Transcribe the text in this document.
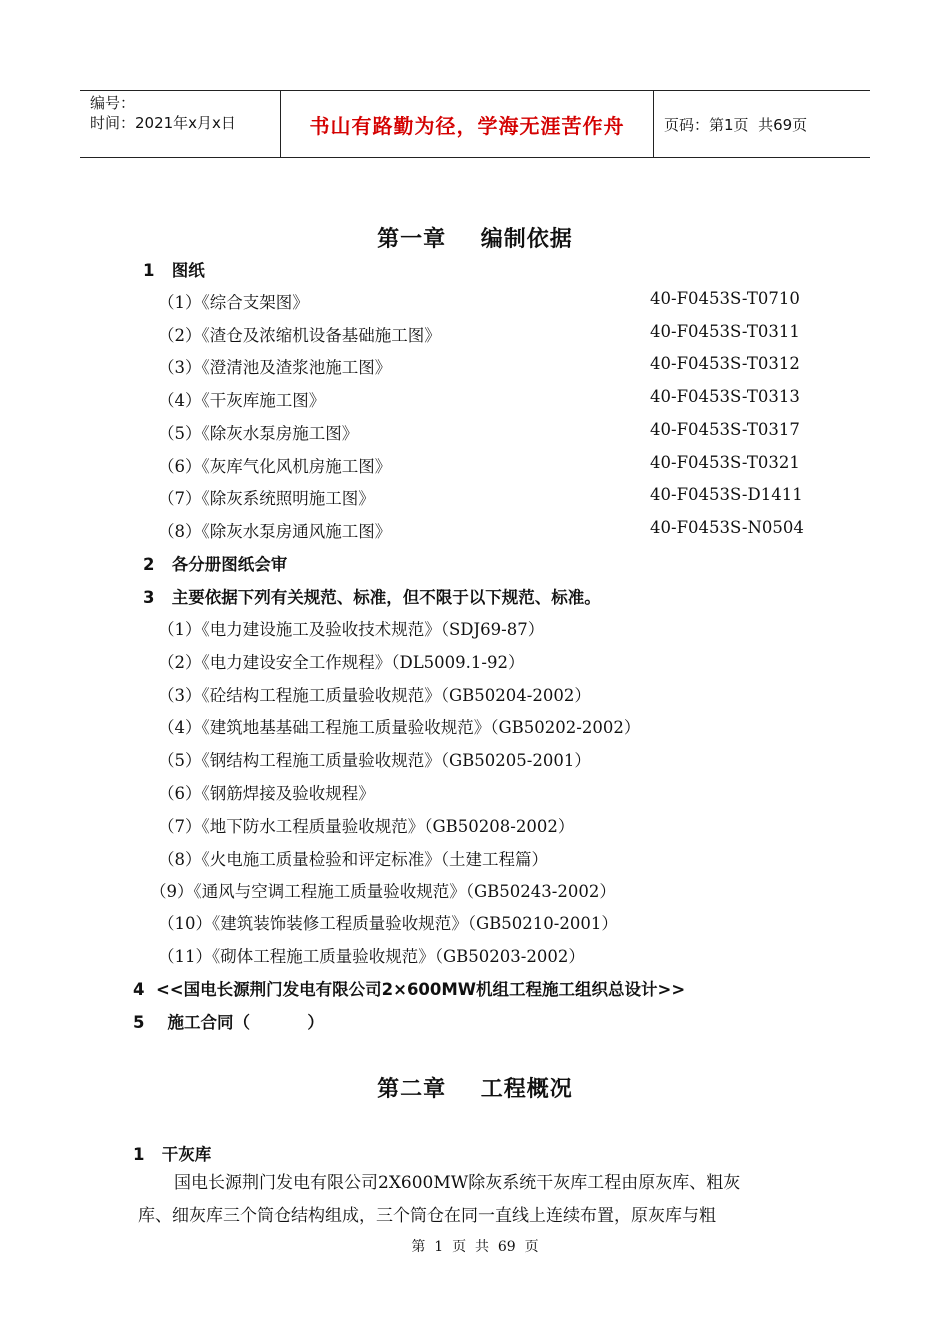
编号：
时间：2021年x月x日	书山有路勤为径，学海无涯苦作舟	页码：第1页  共69页
第一章    编制依据
1 图纸
（1）《综合支架图》	40-F0453S-T0710
（2）《渣仓及浓缩机设备基础施工图》	40-F0453S-T0311
（3）《澄清池及渣浆池施工图》	40-F0453S-T0312
（4）《干灰库施工图》	40-F0453S-T0313
（5）《除灰水泵房施工图》	40-F0453S-T0317
（6）《灰库气化风机房施工图》	40-F0453S-T0321
（7）《除灰系统照明施工图》	40-F0453S-D1411
（8）《除灰水泵房通风施工图》	40-F0453S-N0504
2 各分册图纸会审
3 主要依据下列有关规范、标准，但不限于以下规范、标准。
（1）《电力建设施工及验收技术规范》（SDJ69-87）
（2）《电力建设安全工作规程》（DL5009.1-92）
（3）《砼结构工程施工质量验收规范》（GB50204-2002）
（4）《建筑地基基础工程施工质量验收规范》（GB50202-2002）
（5）《钢结构工程施工质量验收规范》（GB50205-2001）
（6）《钢筋焊接及验收规程》
（7）《地下防水工程质量验收规范》（GB50208-2002）
（8）《火电施工质量检验和评定标准》（土建工程篇）
（9）《通风与空调工程施工质量验收规范》（GB50243-2002）
（10）《建筑装饰装修工程质量验收规范》（GB50210-2001）
（11）《砌体工程施工质量验收规范》（GB50203-2002）
4 <<国电长源荆门发电有限公司2×600MW机组工程施工组织总设计>>
5 施工合同（          ）
第二章    工程概况
1 干灰库
国电长源荆门发电有限公司2X600MW除灰系统干灰库工程由原灰库、粗灰
库、细灰库三个筒仓结构组成，三个筒仓在同一直线上连续布置，原灰库与粗
第  1  页  共  69  页
